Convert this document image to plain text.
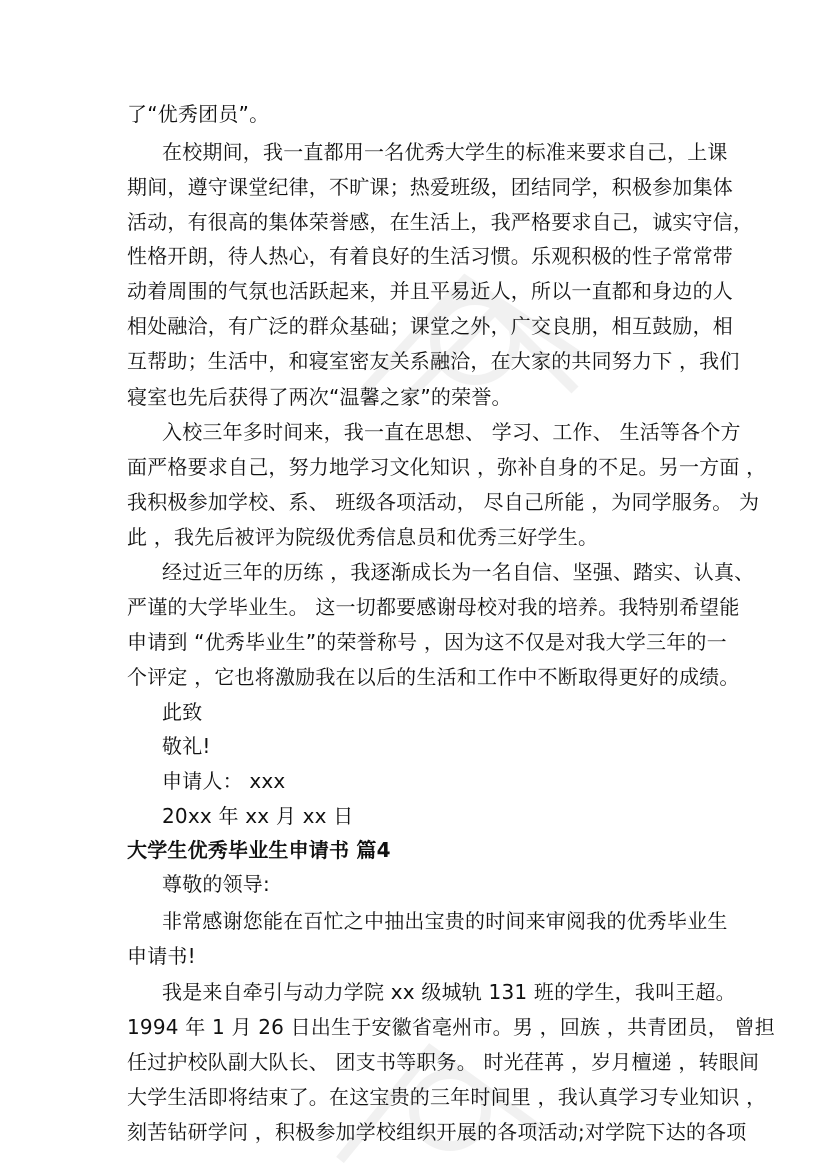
了“优秀团员”。
在校期间，我一直都用一名优秀大学生的标准来要求自己，上课
期间，遵守课堂纪律，不旷课；热爱班级，团结同学，积极参加集体
活动，有很高的集体荣誉感，在生活上，我严格要求自己，诚实守信，
性格开朗，待人热心，有着良好的生活习惯。乐观积极的性子常常带
动着周围的气氛也活跃起来，并且平易近人，所以一直都和身边的人
相处融洽，有广泛的群众基础；课堂之外，广交良朋，相互鼓励，相
互帮助；生活中，和寝室密友关系融洽，在大家的共同努力下 ，我们
寝室也先后获得了两次“温馨之家”的荣誉。
入校三年多时间来，我一直在思想、 学习、工作、 生活等各个方
面严格要求自己，努力地学习文化知识 ，弥补自身的不足。另一方面 ，
我积极参加学校、系、 班级各项活动， 尽自己所能 ，为同学服务。 为
此 ，我先后被评为院级优秀信息员和优秀三好学生。
经过近三年的历练 ，我逐渐成长为一名自信、坚强、踏实、认真、
严谨的大学毕业生。 这一切都要感谢母校对我的培养。我特别希望能
申请到 “优秀毕业生”的荣誉称号 ，因为这不仅是对我大学三年的一
个评定 ，它也将激励我在以后的生活和工作中不断取得更好的成绩。
此致
敬礼!
申请人： xxx
20xx 年 xx 月 xx 日
大学生优秀毕业生申请书 篇4
尊敬的领导:
非常感谢您能在百忙之中抽出宝贵的时间来审阅我的优秀毕业生
申请书!
我是来自牵引与动力学院 xx 级城轨 131 班的学生，我叫王超。
1994 年 1 月 26 日出生于安徽省亳州市。男 ，回族 ，共青团员， 曾担
任过护校队副大队长、 团支书等职务。 时光荏苒 ，岁月檀递 ，转眼间
大学生活即将结束了。在这宝贵的三年时间里 ，我认真学习专业知识 ，
刻苦钻研学问 ，积极参加学校组织开展的各项活动;对学院下达的各项
